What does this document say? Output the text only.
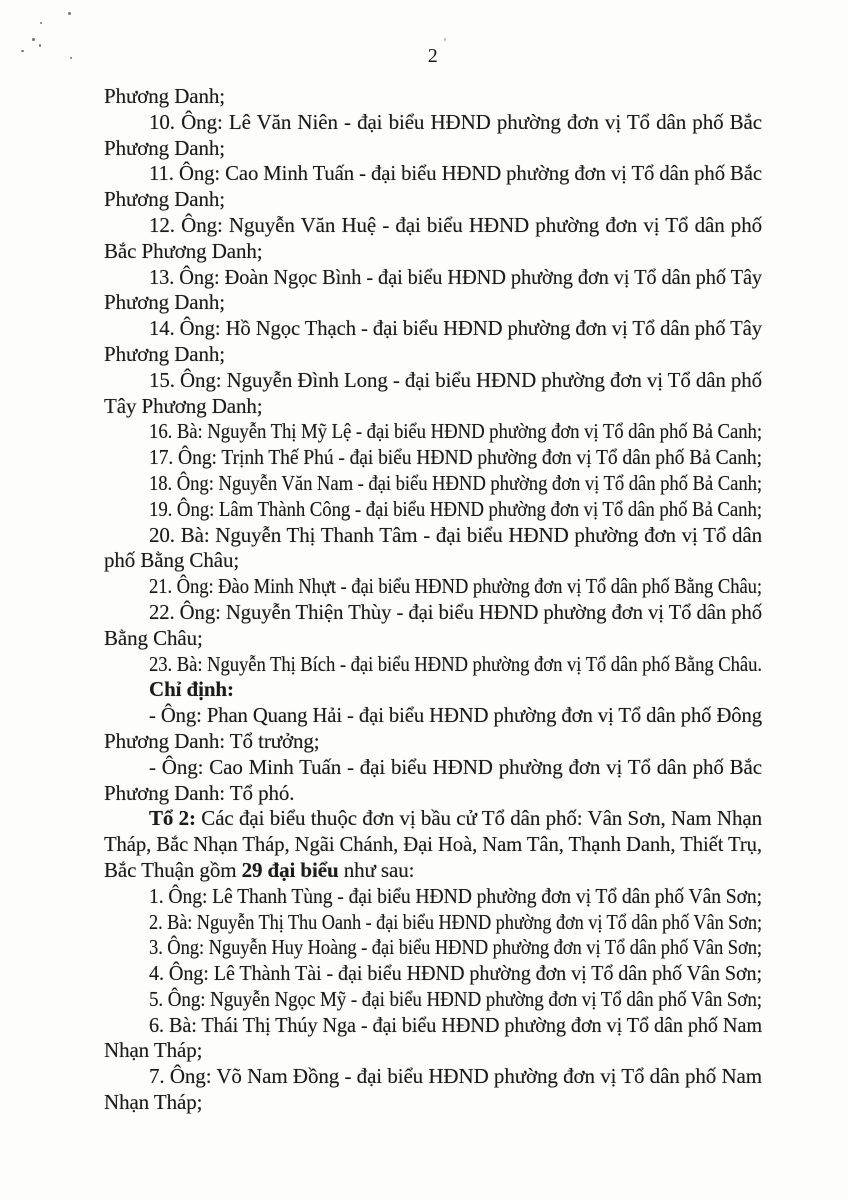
2
Phương Danh;
10. Ông: Lê Văn Niên - đại biểu HĐND phường đơn vị Tổ dân phố Bắc
Phương Danh;
11. Ông: Cao Minh Tuấn - đại biểu HĐND phường đơn vị Tổ dân phố Bắc
Phương Danh;
12. Ông: Nguyễn Văn Huệ - đại biểu HĐND phường đơn vị Tổ dân phố
Bắc Phương Danh;
13. Ông: Đoàn Ngọc Bình - đại biểu HĐND phường đơn vị Tổ dân phố Tây
Phương Danh;
14. Ông: Hồ Ngọc Thạch - đại biểu HĐND phường đơn vị Tổ dân phố Tây
Phương Danh;
15. Ông: Nguyễn Đình Long - đại biểu HĐND phường đơn vị Tổ dân phố
Tây Phương Danh;
16. Bà: Nguyễn Thị Mỹ Lệ - đại biểu HĐND phường đơn vị Tổ dân phố Bả Canh;
17. Ông: Trịnh Thế Phú - đại biểu HĐND phường đơn vị Tổ dân phố Bả Canh;
18. Ông: Nguyễn Văn Nam - đại biểu HĐND phường đơn vị Tổ dân phố Bả Canh;
19. Ông: Lâm Thành Công - đại biểu HĐND phường đơn vị Tổ dân phố Bả Canh;
20. Bà: Nguyễn Thị Thanh Tâm - đại biểu HĐND phường đơn vị Tổ dân
phố Bằng Châu;
21. Ông: Đào Minh Nhựt - đại biểu HĐND phường đơn vị Tổ dân phố Bằng Châu;
22. Ông: Nguyễn Thiện Thùy - đại biểu HĐND phường đơn vị Tổ dân phố
Bằng Châu;
23. Bà: Nguyễn Thị Bích - đại biểu HĐND phường đơn vị Tổ dân phố Bằng Châu.
Chỉ định:
- Ông: Phan Quang Hải - đại biểu HĐND phường đơn vị Tổ dân phố Đông
Phương Danh: Tổ trưởng;
- Ông: Cao Minh Tuấn - đại biểu HĐND phường đơn vị Tổ dân phố Bắc
Phương Danh: Tổ phó.
Tổ 2: Các đại biểu thuộc đơn vị bầu cử Tổ dân phố: Vân Sơn, Nam Nhạn
Tháp, Bắc Nhạn Tháp, Ngãi Chánh, Đại Hoà, Nam Tân, Thạnh Danh, Thiết Trụ,
Bắc Thuận gồm 29 đại biểu như sau:
1. Ông: Lê Thanh Tùng - đại biểu HĐND phường đơn vị Tổ dân phố Vân Sơn;
2. Bà: Nguyễn Thị Thu Oanh - đại biểu HĐND phường đơn vị Tổ dân phố Vân Sơn;
3. Ông: Nguyễn Huy Hoàng - đại biểu HĐND phường đơn vị Tổ dân phố Vân Sơn;
4. Ông: Lê Thành Tài - đại biểu HĐND phường đơn vị Tổ dân phố Vân Sơn;
5. Ông: Nguyễn Ngọc Mỹ - đại biểu HĐND phường đơn vị Tổ dân phố Vân Sơn;
6. Bà: Thái Thị Thúy Nga - đại biểu HĐND phường đơn vị Tổ dân phố Nam
Nhạn Tháp;
7. Ông: Võ Nam Đồng - đại biểu HĐND phường đơn vị Tổ dân phố Nam
Nhạn Tháp;
